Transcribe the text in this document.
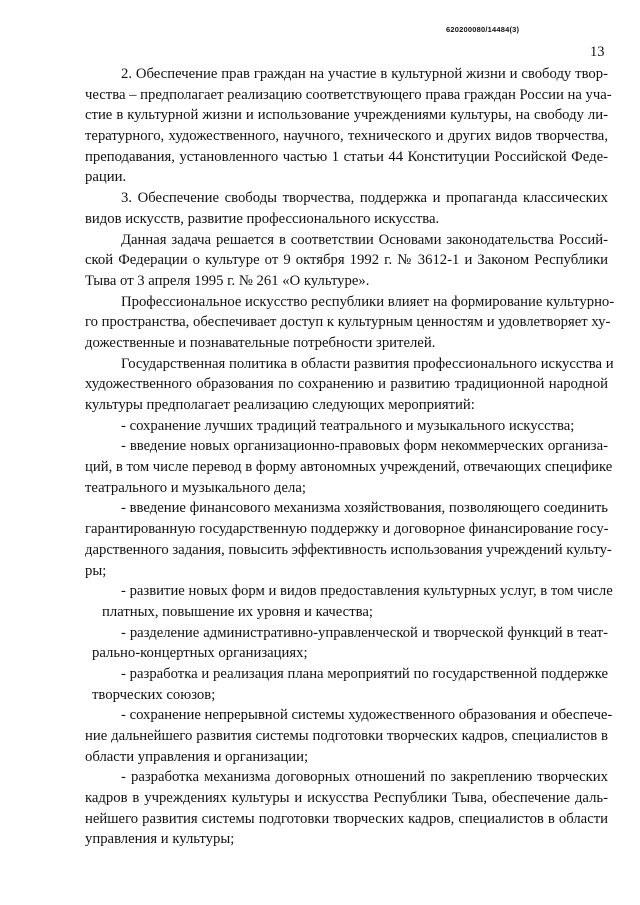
620200080/14484(3)
13
2. Обеспечение прав граждан на участие в культурной жизни и свободу твор-
чества – предполагает реализацию соответствующего права граждан России на уча-
стие в культурной жизни и использование учреждениями культуры, на свободу ли-
тературного, художественного, научного, технического и других видов творчества,
преподавания, установленного частью 1 статьи 44 Конституции Российской Феде-
рации.
3. Обеспечение свободы творчества, поддержка и пропаганда классических
видов искусств, развитие профессионального искусства.
Данная задача решается в соответствии Основами законодательства Россий-
ской Федерации о культуре от 9 октября 1992 г. № 3612-1 и Законом Республики
Тыва от 3 апреля 1995 г. № 261 «О культуре».
Профессиональное искусство республики влияет на формирование культурно-
го пространства, обеспечивает доступ к культурным ценностям и удовлетворяет ху-
дожественные и познавательные потребности зрителей.
Государственная политика в области развития профессионального искусства и
художественного образования по сохранению и развитию традиционной народной
культуры предполагает реализацию следующих мероприятий:
- сохранение лучших традиций театрального и музыкального искусства;
- введение новых организационно-правовых форм некоммерческих организа-
ций, в том числе перевод в форму автономных учреждений, отвечающих специфике
театрального и музыкального дела;
- введение финансового механизма хозяйствования, позволяющего соединить
гарантированную государственную поддержку и договорное финансирование госу-
дарственного задания, повысить эффективность использования учреждений культу-
ры;
- развитие новых форм и видов предоставления культурных услуг, в том числе
платных, повышение их уровня и качества;
- разделение административно-управленческой и творческой функций в теат-
рально-концертных организациях;
- разработка и реализация плана мероприятий по государственной поддержке
творческих союзов;
- сохранение непрерывной системы художественного образования и обеспече-
ние дальнейшего развития системы подготовки творческих кадров, специалистов в
области управления и организации;
- разработка механизма договорных отношений по закреплению творческих
кадров в учреждениях культуры и искусства Республики Тыва, обеспечение даль-
нейшего развития системы подготовки творческих кадров, специалистов в области
управления и культуры;
